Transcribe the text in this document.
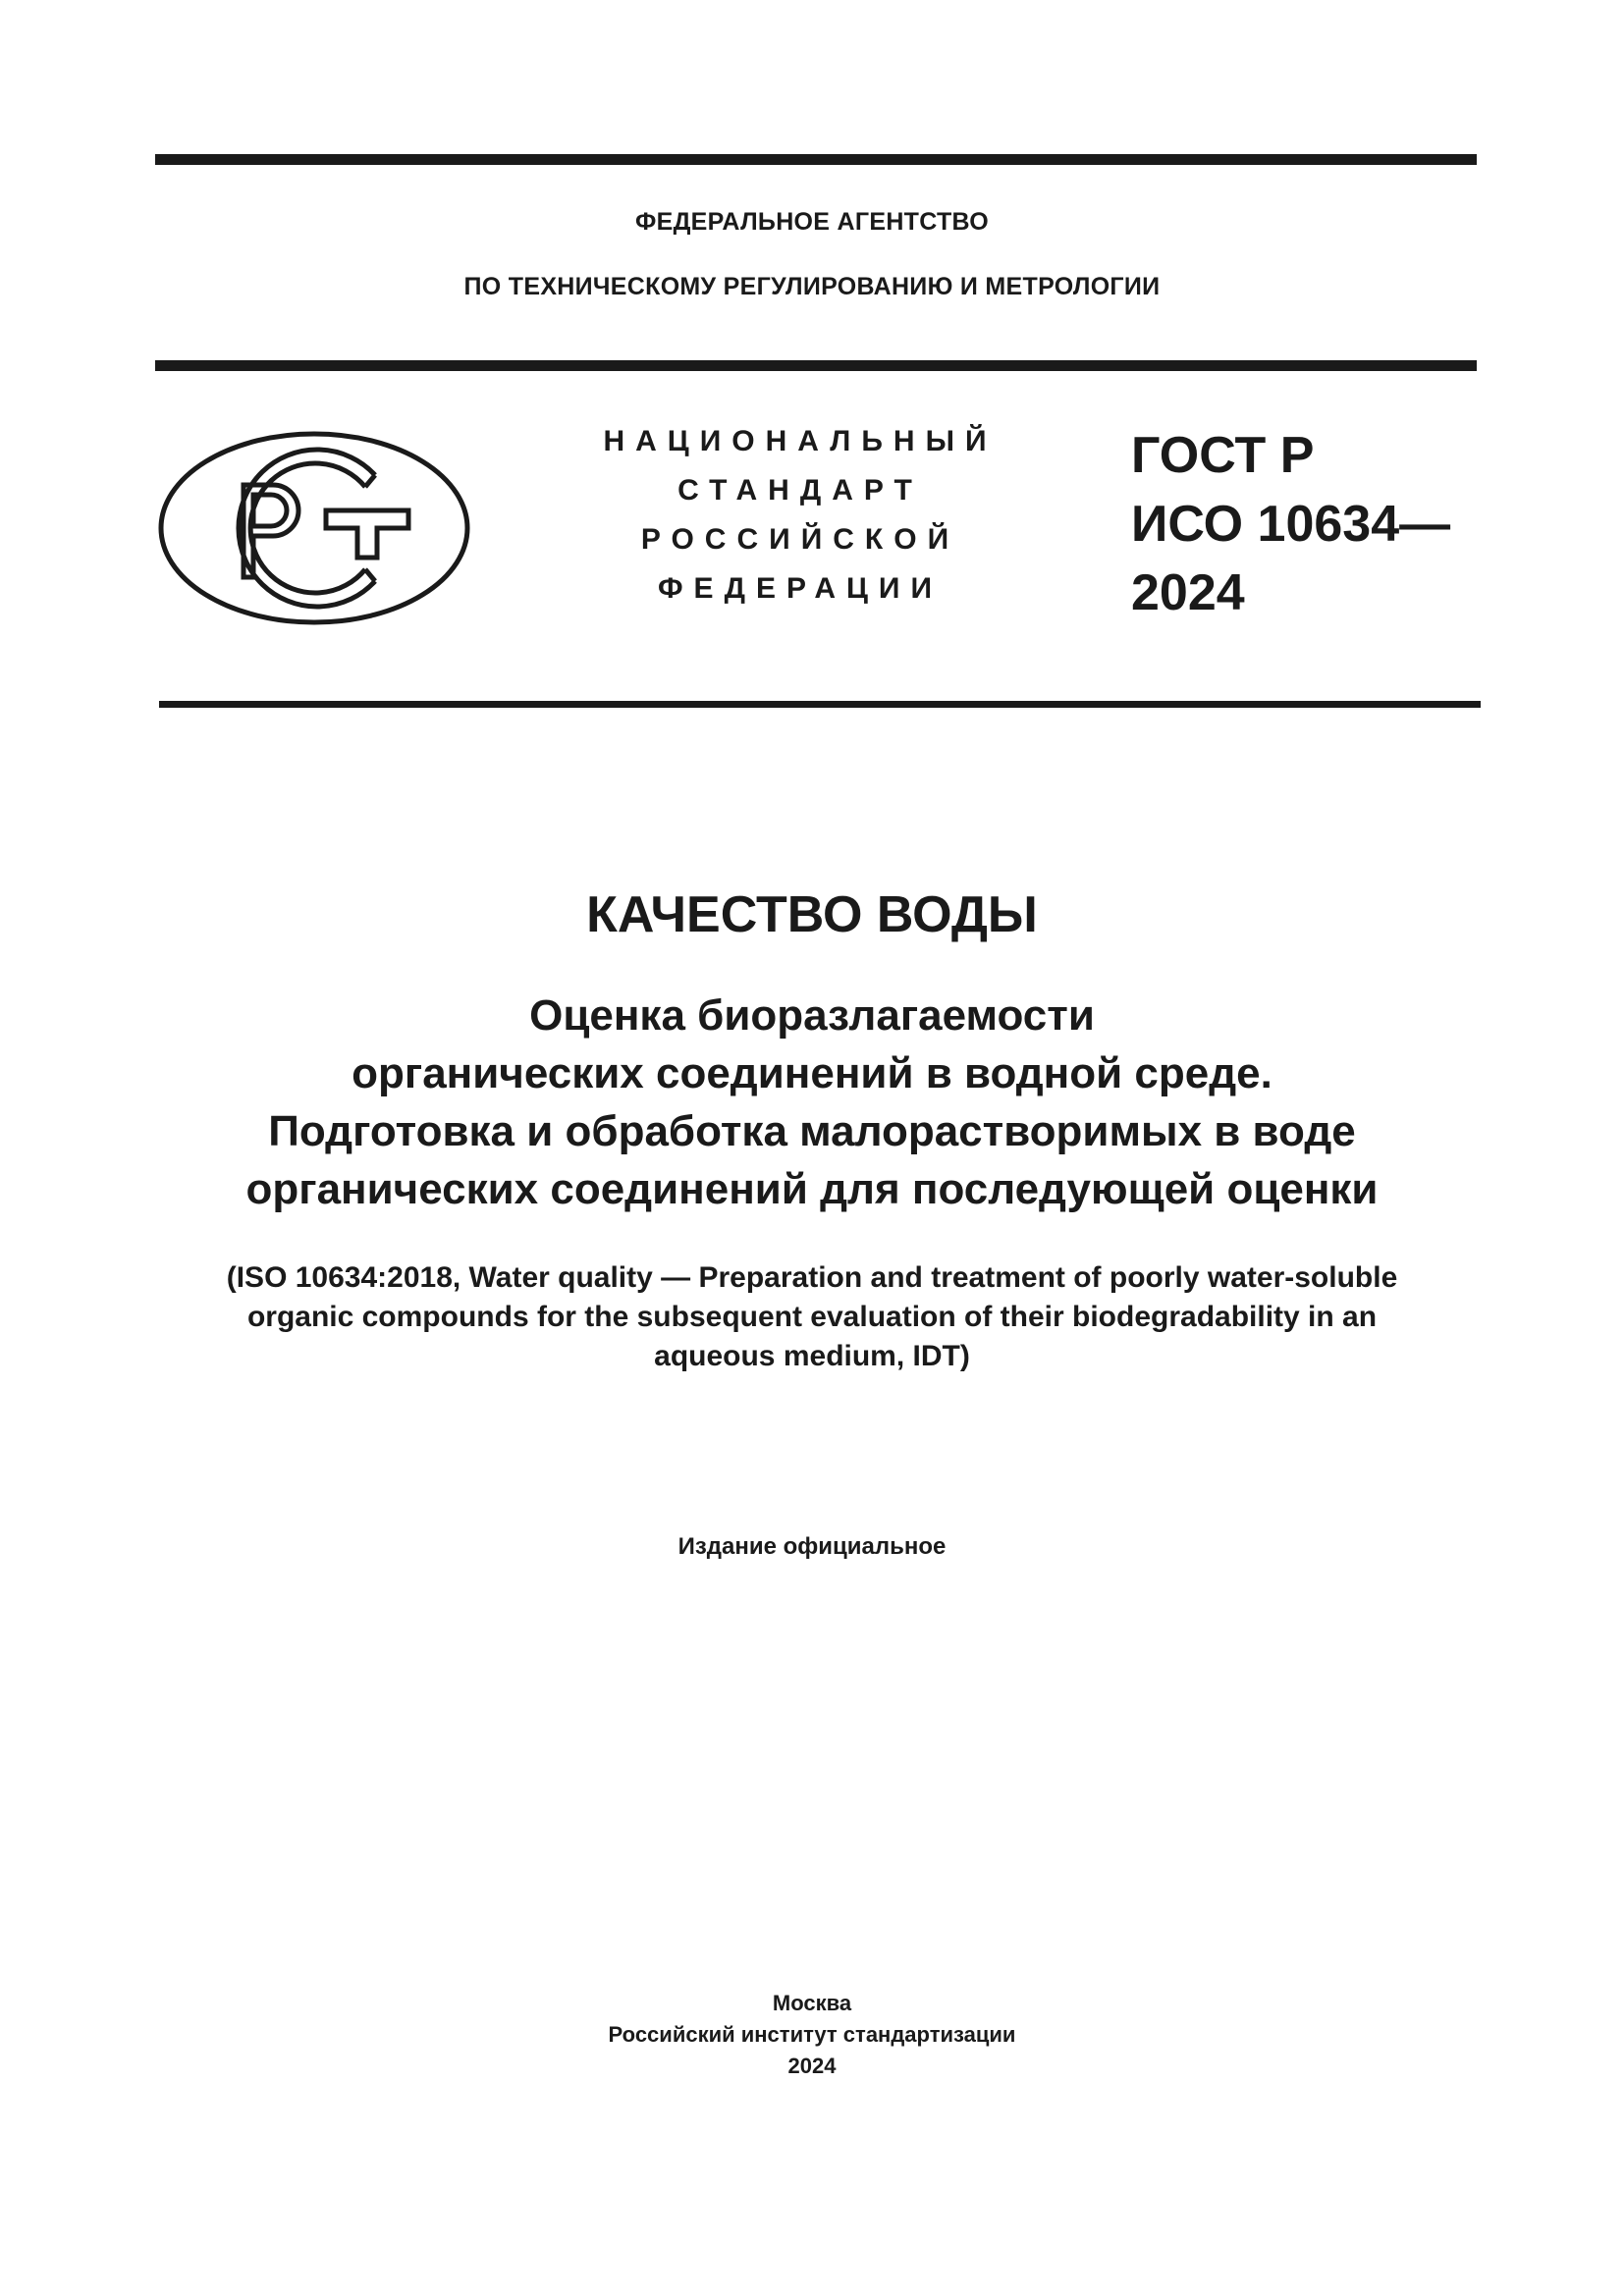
ФЕДЕРАЛЬНОЕ АГЕНТСТВО
ПО ТЕХНИЧЕСКОМУ РЕГУЛИРОВАНИЮ И МЕТРОЛОГИИ
НАЦИОНАЛЬНЫЙ
СТАНДАРТ
РОССИЙСКОЙ
ФЕДЕРАЦИИ
ГОСТ Р
ИСО 10634—
2024
КАЧЕСТВО ВОДЫ
Оценка биоразлагаемости
органических соединений в водной среде.
Подготовка и обработка малорастворимых в воде
органических соединений для последующей оценки
(ISO 10634:2018, Water quality — Preparation and treatment of poorly water-soluble
organic compounds for the subsequent evaluation of their biodegradability in an
aqueous medium, IDT)
Издание официальное
Москва
Российский институт стандартизации
2024
